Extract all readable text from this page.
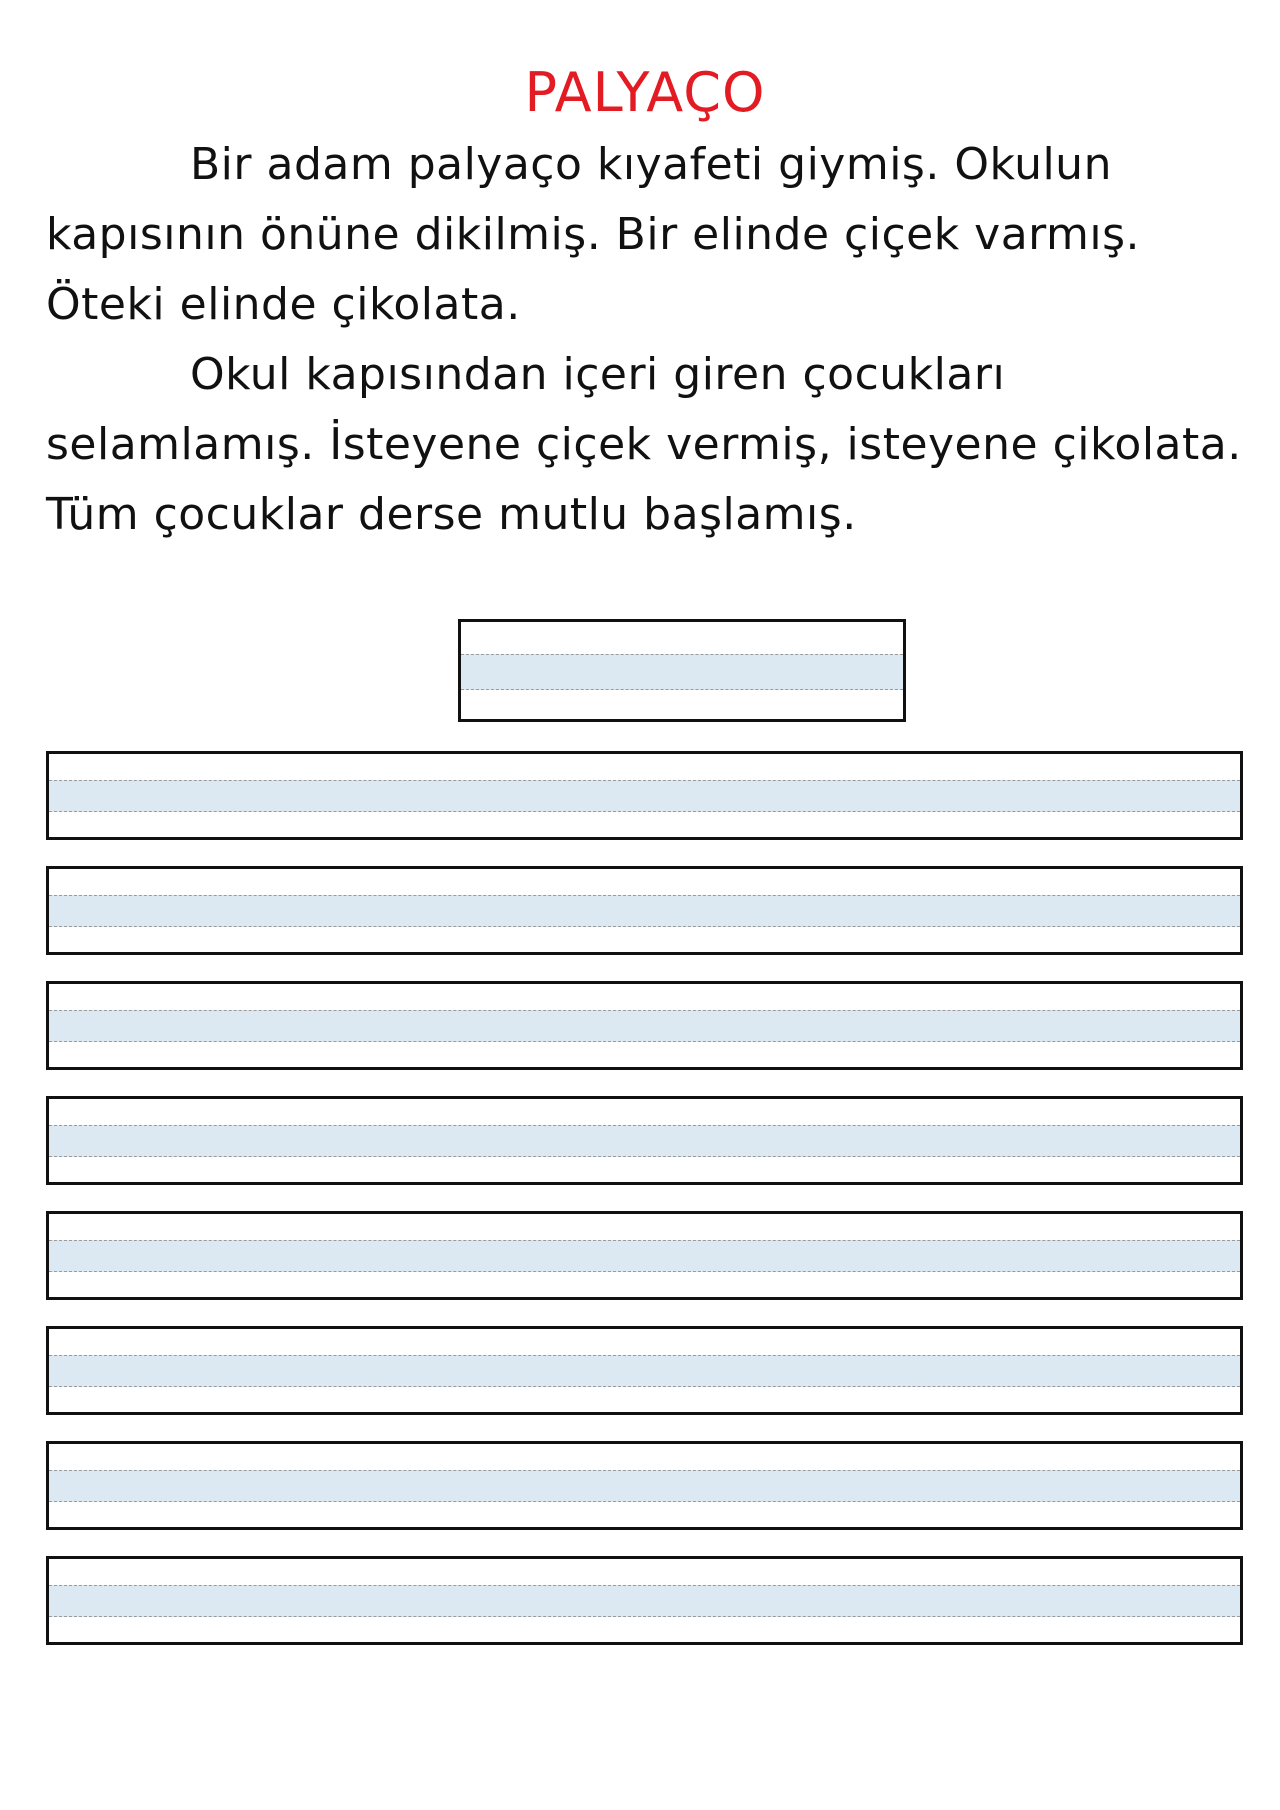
PALYAÇO

Bir adam palyaço kıyafeti giymiş. Okulun kapısının önüne dikilmiş. Bir elinde çiçek varmış. Öteki elinde çikolata.

Okul kapısından içeri giren çocukları selamlamış. İsteyene çiçek vermiş, isteyene çikolata. Tüm çocuklar derse mutlu başlamış.
